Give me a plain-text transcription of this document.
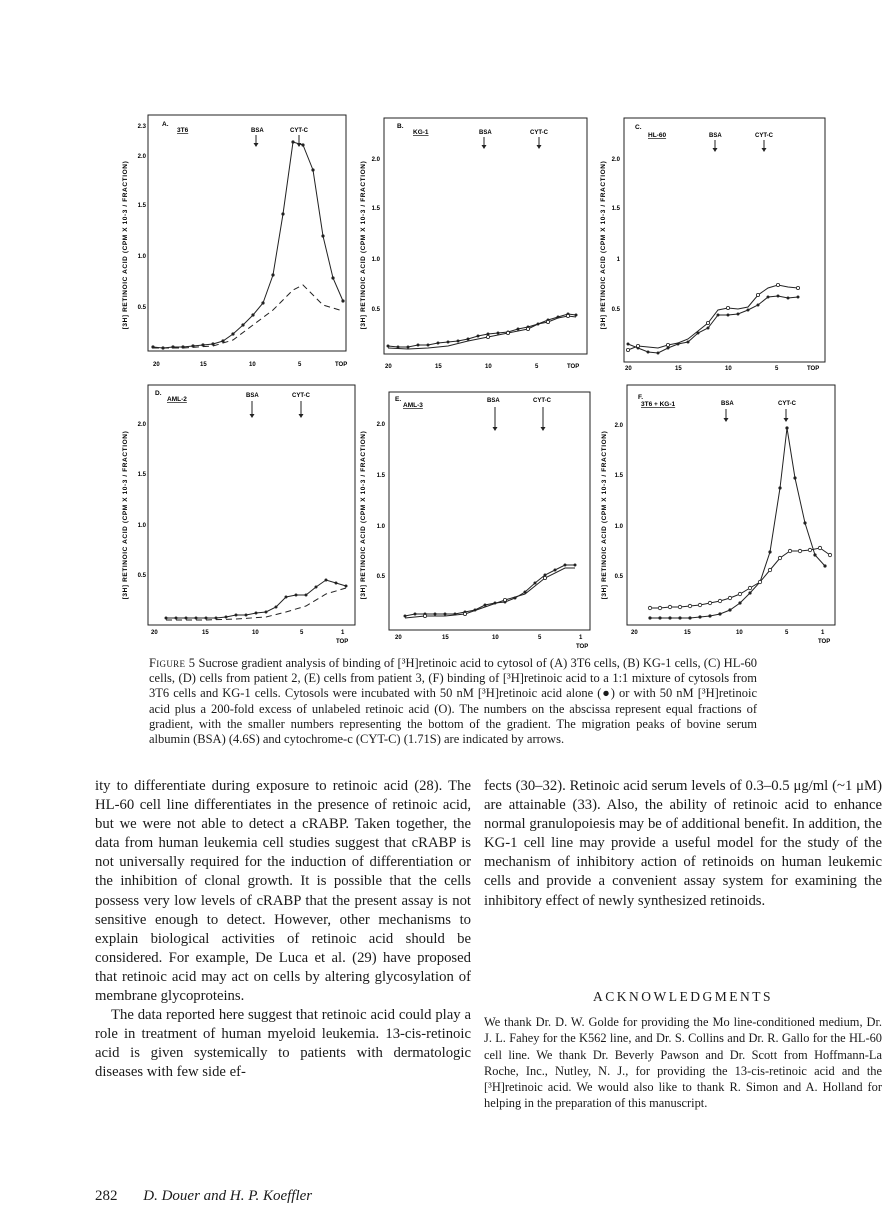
[3H] RETINOIC ACID (CPM X 10-3 / FRACTION)
A.
3T6
2.3
2.0
1.5
1.0
0.5
20	15	10	5	TOP
BSA	CYT-C
[3H] RETINOIC ACID (CPM X 10-3 / FRACTION)
B.
KG-1
2.0
1.5
1.0
0.5
20	15	10	5	TOP
BSA	CYT-C
[3H] RETINOIC ACID (CPM X 10-3 / FRACTION)
C.
HL-60
2.0
1.5
1
0.5
20	15	10	5	TOP
BSA	CYT-C
[3H] RETINOIC ACID (CPM X 10-3 / FRACTION)
D.
AML-2
2.0
1.5
1.0
0.5
20	15	10	5	1
TOP
BSA	CYT-C
[3H] RETINOIC ACID (CPM X 10-3 / FRACTION)
E.
AML-3
2.0
1.5
1.0
0.5
20	15	10	5	1
TOP
BSA	CYT-C
[3H] RETINOIC ACID (CPM X 10-3 / FRACTION)
F.
3T6 + KG-1
2.0
1.5
1.0
0.5
20	15	10	5	1
TOP
BSA	CYT-C
Figure 5 Sucrose gradient analysis of binding of [³H]retinoic acid to cytosol of (A) 3T6 cells, (B) KG-1 cells, (C) HL-60 cells, (D) cells from patient 2, (E) cells from patient 3, (F) binding of [³H]retinoic acid to a 1:1 mixture of cytosols from 3T6 cells and KG-1 cells. Cytosols were incubated with 50 nM [³H]retinoic acid alone (●) or with 50 nM [³H]retinoic acid plus a 200-fold excess of unlabeled retinoic acid (O). The numbers on the abscissa represent equal fractions of gradient, with the smaller numbers representing the bottom of the gradient. The migration peaks of bovine serum albumin (BSA) (4.6S) and cytochrome-c (CYT-C) (1.71S) are indicated by arrows.

ity to differentiate during exposure to retinoic acid (28). The HL-60 cell line differentiates in the presence of retinoic acid, but we were not able to detect a cRABP. Taken together, the data from human leukemia cell studies suggest that cRABP is not universally required for the induction of differentiation or the inhibition of clonal growth. It is possible that the cells possess very low levels of cRABP that the present assay is not sensitive enough to detect. However, other mechanisms to explain biological activities of retinoic acid should be considered. For example, De Luca et al. (29) have proposed that retinoic acid may act on cells by altering glycosylation of membrane glycoproteins.

The data reported here suggest that retinoic acid could play a role in treatment of human myeloid leukemia. 13-cis-retinoic acid is given systemically to patients with dermatologic diseases with few side ef-

fects (30–32). Retinoic acid serum levels of 0.3–0.5 μg/ml (~1 μM) are attainable (33). Also, the ability of retinoic acid to enhance normal granulopoiesis may be of additional benefit. In addition, the KG-1 cell line may provide a useful model for the study of the mechanism of inhibitory action of retinoids on human leukemic cells and provide a convenient assay system for examining the inhibitory effect of newly synthesized retinoids.

ACKNOWLEDGMENTS
We thank Dr. D. W. Golde for providing the Mo line-conditioned medium, Dr. J. L. Fahey for the K562 line, and Dr. S. Collins and Dr. R. Gallo for the HL-60 cell line. We thank Dr. Beverly Pawson and Dr. Scott from Hoffmann-La Roche, Inc., Nutley, N. J., for providing the 13-cis-retinoic acid and the [³H]retinoic acid. We would also like to thank R. Simon and A. Holland for helping in the preparation of this manuscript.
282 D. Douer and H. P. Koeffler
